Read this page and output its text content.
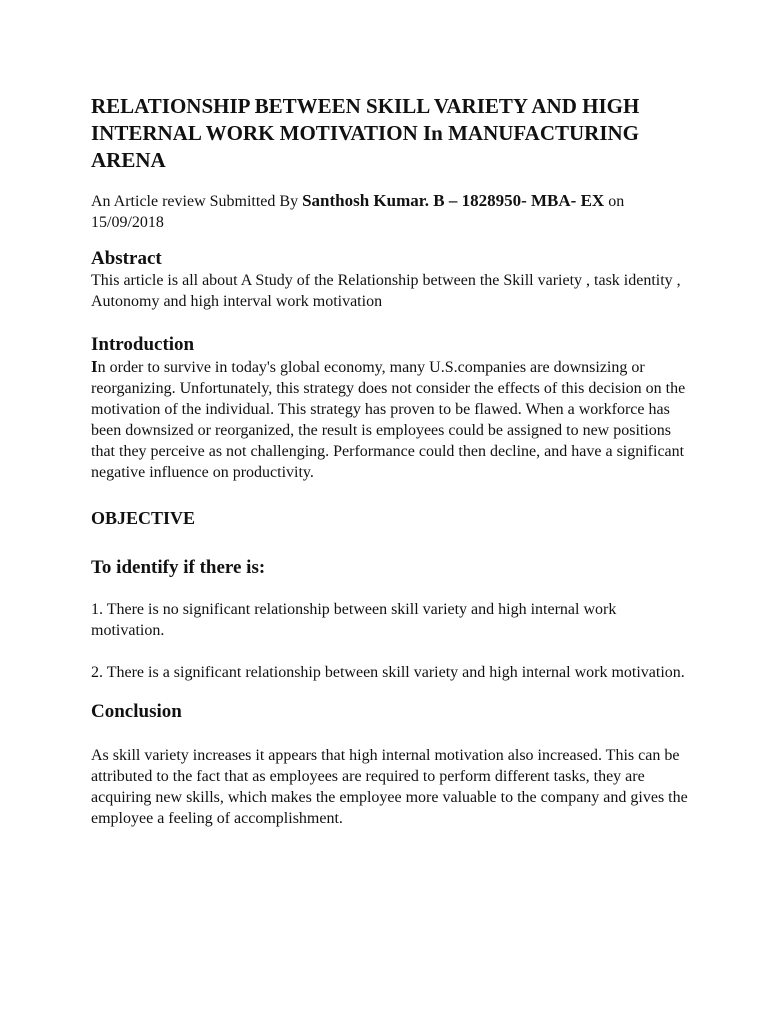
RELATIONSHIP BETWEEN SKILL VARIETY AND HIGH   INTERNAL WORK MOTIVATION In MANUFACTURING ARENA
An Article review Submitted By Santhosh Kumar. B – 1828950- MBA- EX on 15/09/2018
Abstract

This article is all about A Study of the Relationship between the Skill variety , task identity , Autonomy and high interval work motivation

Introduction

In order to survive in today's global economy, many U.S.companies are downsizing or reorganizing. Unfortunately, this strategy does not consider the effects of this decision on the motivation of the individual. This strategy has proven to be flawed. When a workforce has been downsized or reorganized, the result is employees could be assigned to new positions that they perceive as not challenging. Performance could then decline, and have a significant negative influence on productivity.

OBJECTIVE
To identify if there is:

1. There is no significant relationship between skill variety and high internal work motivation.

2. There is a significant relationship between skill variety and high internal work motivation.

Conclusion

As skill variety increases it appears that high internal motivation also increased. This can be attributed to the fact that as employees are required to perform different tasks, they are acquiring new skills, which makes the employee more valuable to the company and gives the employee a feeling of accomplishment.
